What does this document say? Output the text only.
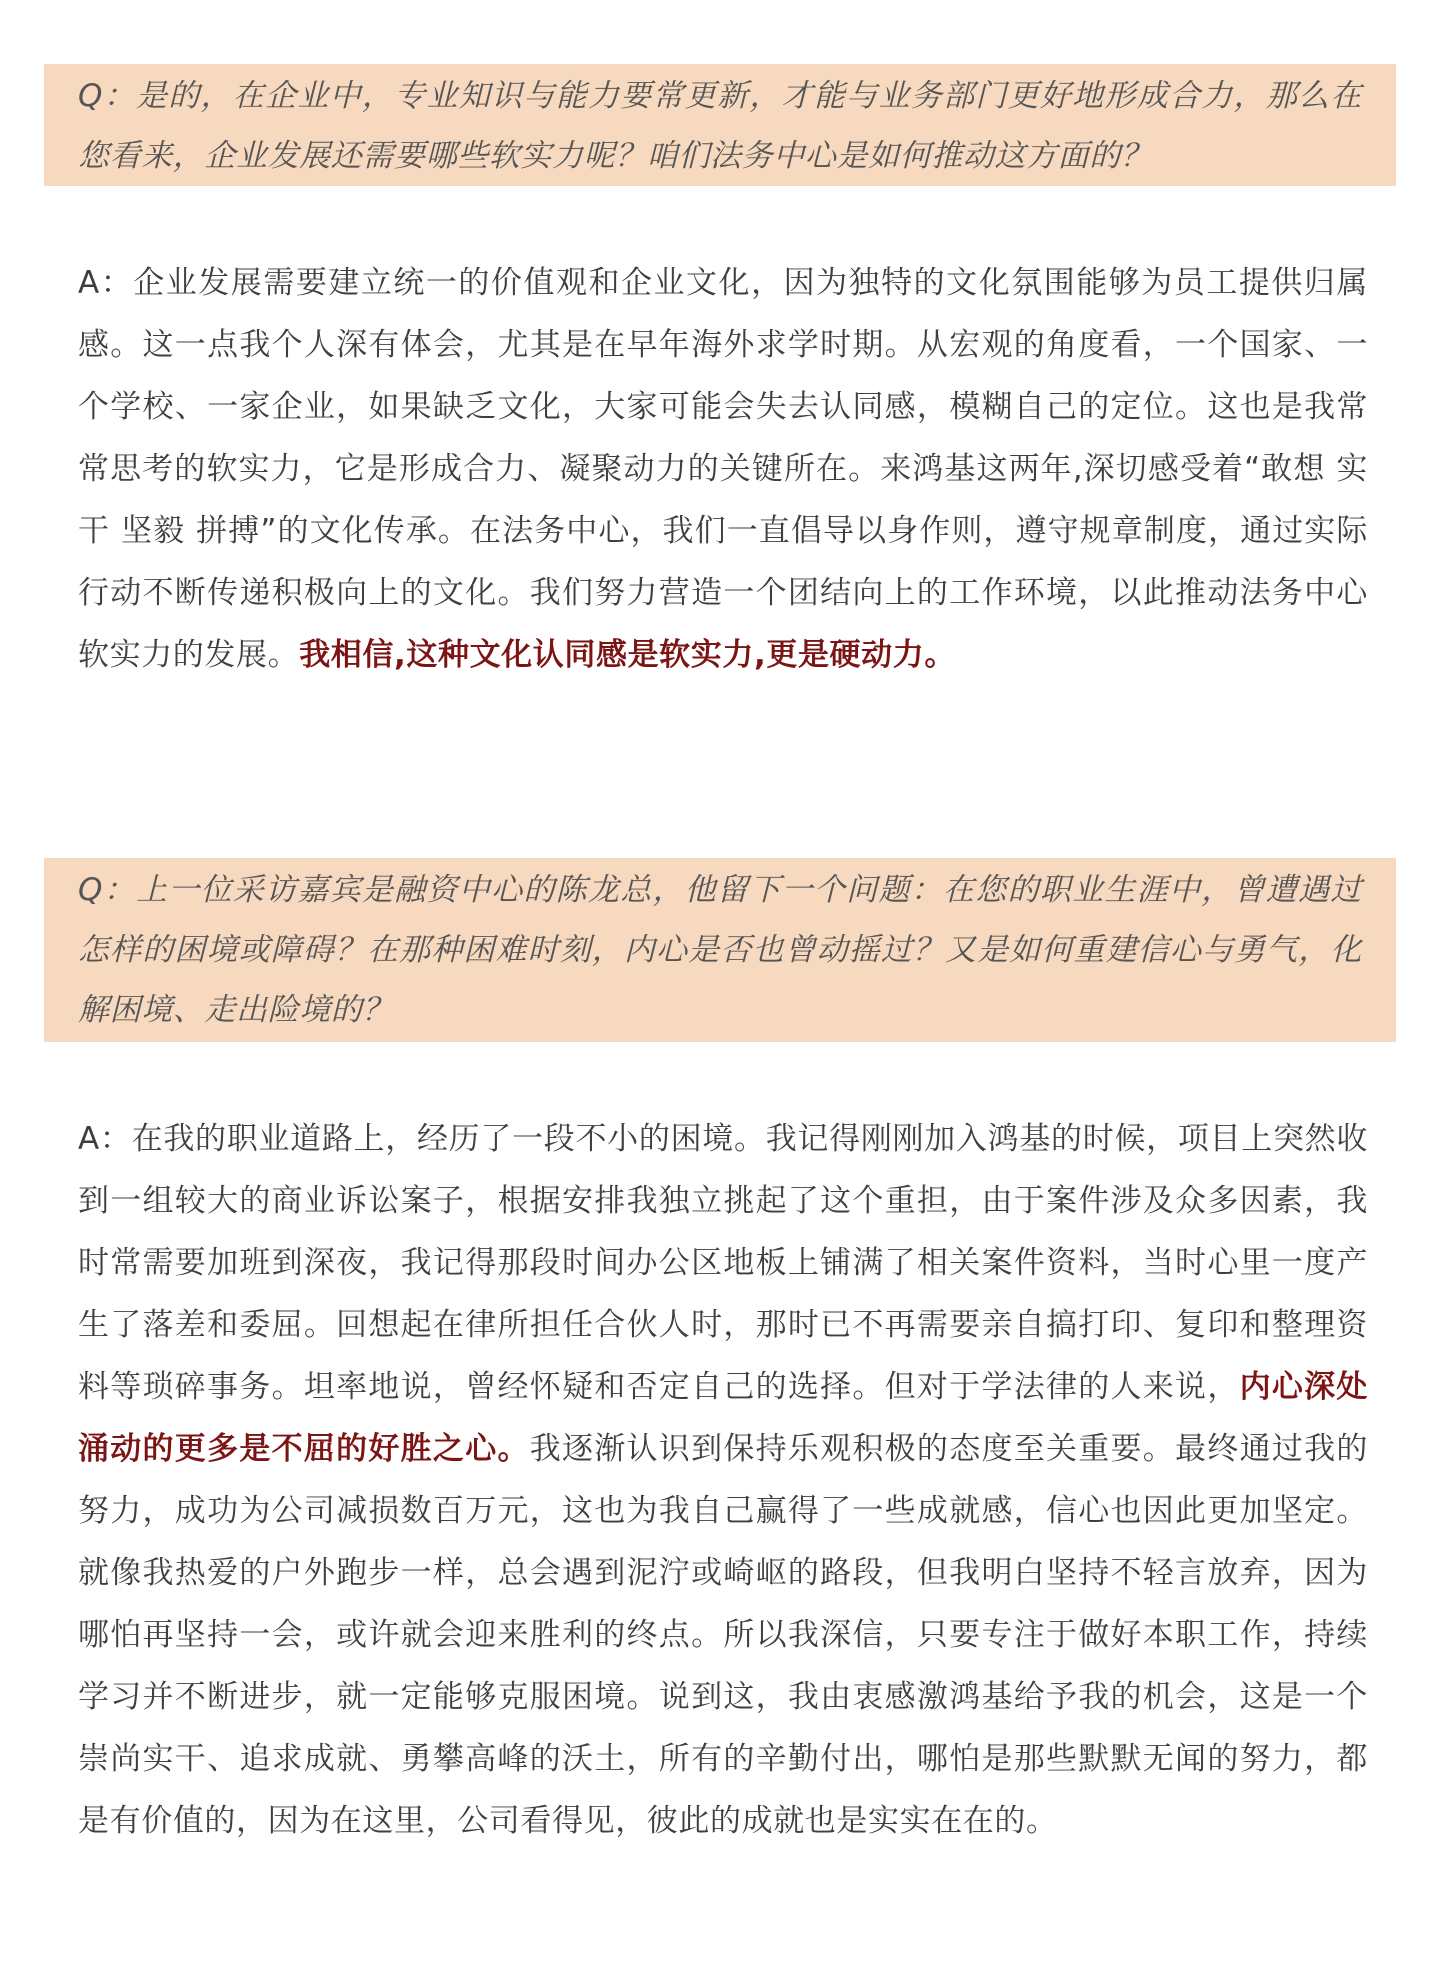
Q：是的，在企业中，专业知识与能力要常更新，才能与业务部门更好地形成合力，那么在您看来，企业发展还需要哪些软实力呢？咱们法务中心是如何推动这方面的？

A：企业发展需要建立统一的价值观和企业文化，因为独特的文化氛围能够为员工提供归属感。这一点我个人深有体会，尤其是在早年海外求学时期。从宏观的角度看，一个国家、一个学校、一家企业，如果缺乏文化，大家可能会失去认同感，模糊自己的定位。这也是我常常思考的软实力，它是形成合力、凝聚动力的关键所在。来鸿基这两年,深切感受着“敢想 实干 坚毅 拼搏”的文化传承。在法务中心，我们一直倡导以身作则，遵守规章制度，通过实际行动不断传递积极向上的文化。我们努力营造一个团结向上的工作环境，以此推动法务中心软实力的发展。我相信,这种文化认同感是软实力,更是硬动力。

Q：上一位采访嘉宾是融资中心的陈龙总，他留下一个问题：在您的职业生涯中，曾遭遇过怎样的困境或障碍？在那种困难时刻，内心是否也曾动摇过？又是如何重建信心与勇气，化解困境、走出险境的？

A：在我的职业道路上，经历了一段不小的困境。我记得刚刚加入鸿基的时候，项目上突然收到一组较大的商业诉讼案子，根据安排我独立挑起了这个重担，由于案件涉及众多因素，我时常需要加班到深夜，我记得那段时间办公区地板上铺满了相关案件资料，当时心里一度产生了落差和委屈。回想起在律所担任合伙人时，那时已不再需要亲自搞打印、复印和整理资料等琐碎事务。坦率地说，曾经怀疑和否定自己的选择。但对于学法律的人来说，内心深处涌动的更多是不屈的好胜之心。我逐渐认识到保持乐观积极的态度至关重要。最终通过我的努力，成功为公司减损数百万元，这也为我自己赢得了一些成就感，信心也因此更加坚定。就像我热爱的户外跑步一样，总会遇到泥泞或崎岖的路段，但我明白坚持不轻言放弃，因为哪怕再坚持一会，或许就会迎来胜利的终点。所以我深信，只要专注于做好本职工作，持续学习并不断进步，就一定能够克服困境。说到这，我由衷感激鸿基给予我的机会，这是一个崇尚实干、追求成就、勇攀高峰的沃土，所有的辛勤付出，哪怕是那些默默无闻的努力，都是有价值的，因为在这里，公司看得见，彼此的成就也是实实在在的。
